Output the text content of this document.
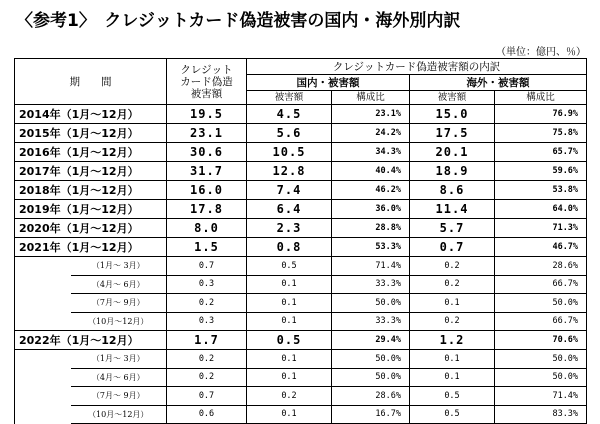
〈参考1〉　クレジットカード偽造被害の国内・海外別内訳
（単位：億円、％）
期　　間		クレジット
カード偽造
被害額	クレジットカード偽造被害額の内訳			
			国内・被害額		海外・被害額	
			被害額	構成比	被害額	構成比
2014年（1月～12月）		19.5	4.5	23.1%	15.0	76.9%
2015年（1月～12月）		23.1	5.6	24.2%	17.5	75.8%
2016年（1月～12月）		30.6	10.5	34.3%	20.1	65.7%
2017年（1月～12月）		31.7	12.8	40.4%	18.9	59.6%
2018年（1月～12月）		16.0	7.4	46.2%	8.6	53.8%
2019年（1月～12月）		17.8	6.4	36.0%	11.4	64.0%
2020年（1月～12月）		8.0	2.3	28.8%	5.7	71.3%
2021年（1月～12月）		1.5	0.8	53.3%	0.7	46.7%
	（1月～ 3月）	0.7	0.5	71.4%	0.2	28.6%
	（4月～ 6月）	0.3	0.1	33.3%	0.2	66.7%
	（7月～ 9月）	0.2	0.1	50.0%	0.1	50.0%
	（10月～12月）	0.3	0.1	33.3%	0.2	66.7%
2022年（1月～12月）		1.7	0.5	29.4%	1.2	70.6%
	（1月～ 3月）	0.2	0.1	50.0%	0.1	50.0%
	（4月～ 6月）	0.2	0.1	50.0%	0.1	50.0%
	（7月～ 9月）	0.7	0.2	28.6%	0.5	71.4%
	（10月～12月）	0.6	0.1	16.7%	0.5	83.3%
